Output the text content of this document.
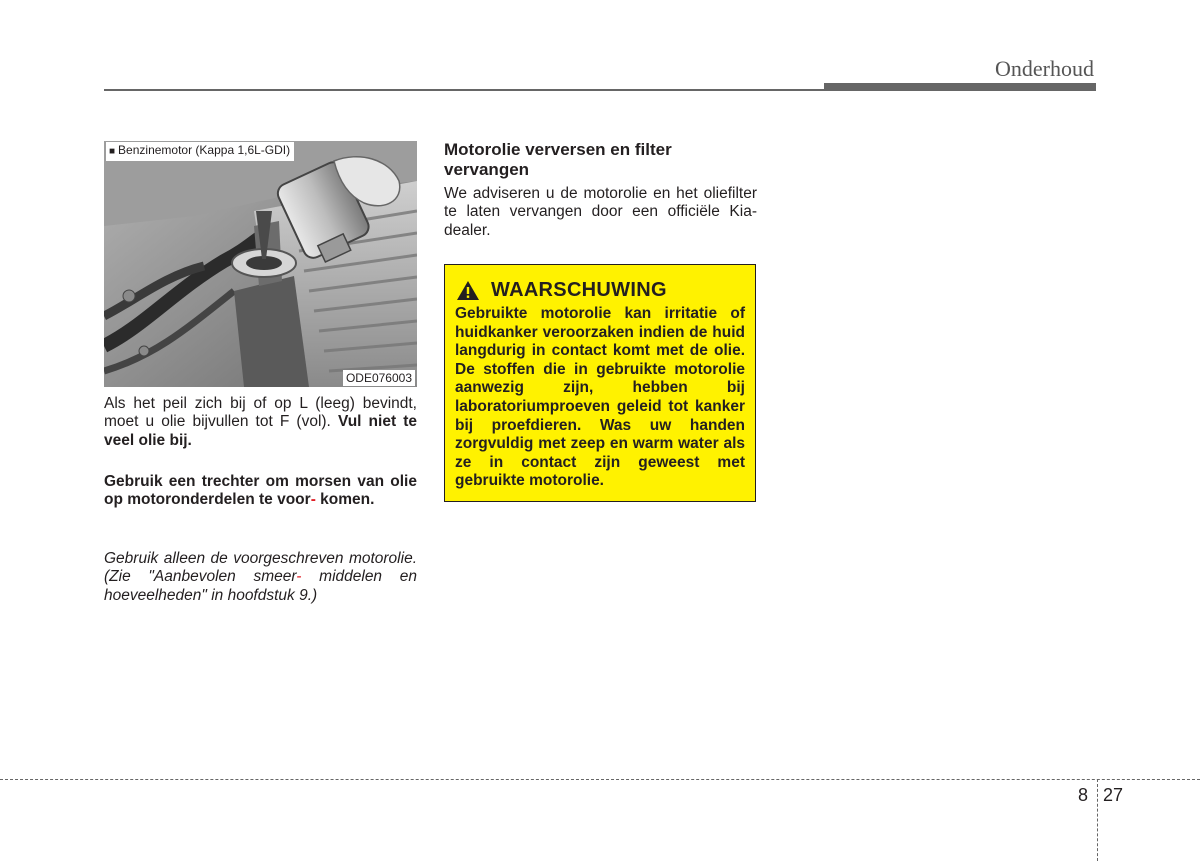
Onderhoud
■ Benzinemotor (Kappa 1,6L-GDI)
ODE076003
Als het peil zich bij of op L (leeg) bevindt, moet u olie bijvullen tot F (vol). Vul niet te veel olie bij.
Gebruik een trechter om morsen van olie op motoronderdelen te voor- komen.
Gebruik alleen de voorgeschreven motorolie. (Zie "Aanbevolen smeer- middelen en hoeveelheden" in hoofdstuk 9.)
Motorolie verversen en filter vervangen
We adviseren u de motorolie en het oliefilter te laten vervangen door een officiële Kia-dealer.
WAARSCHUWING
Gebruikte motorolie kan irritatie of huidkanker veroorzaken indien de huid langdurig in contact komt met de olie. De stoffen die in gebruikte motorolie aanwezig zijn, hebben bij laboratoriumproeven geleid tot kanker bij proefdieren. Was uw handen zorgvuldig met zeep en warm water als ze in contact zijn geweest met gebruikte motorolie.
8 27
